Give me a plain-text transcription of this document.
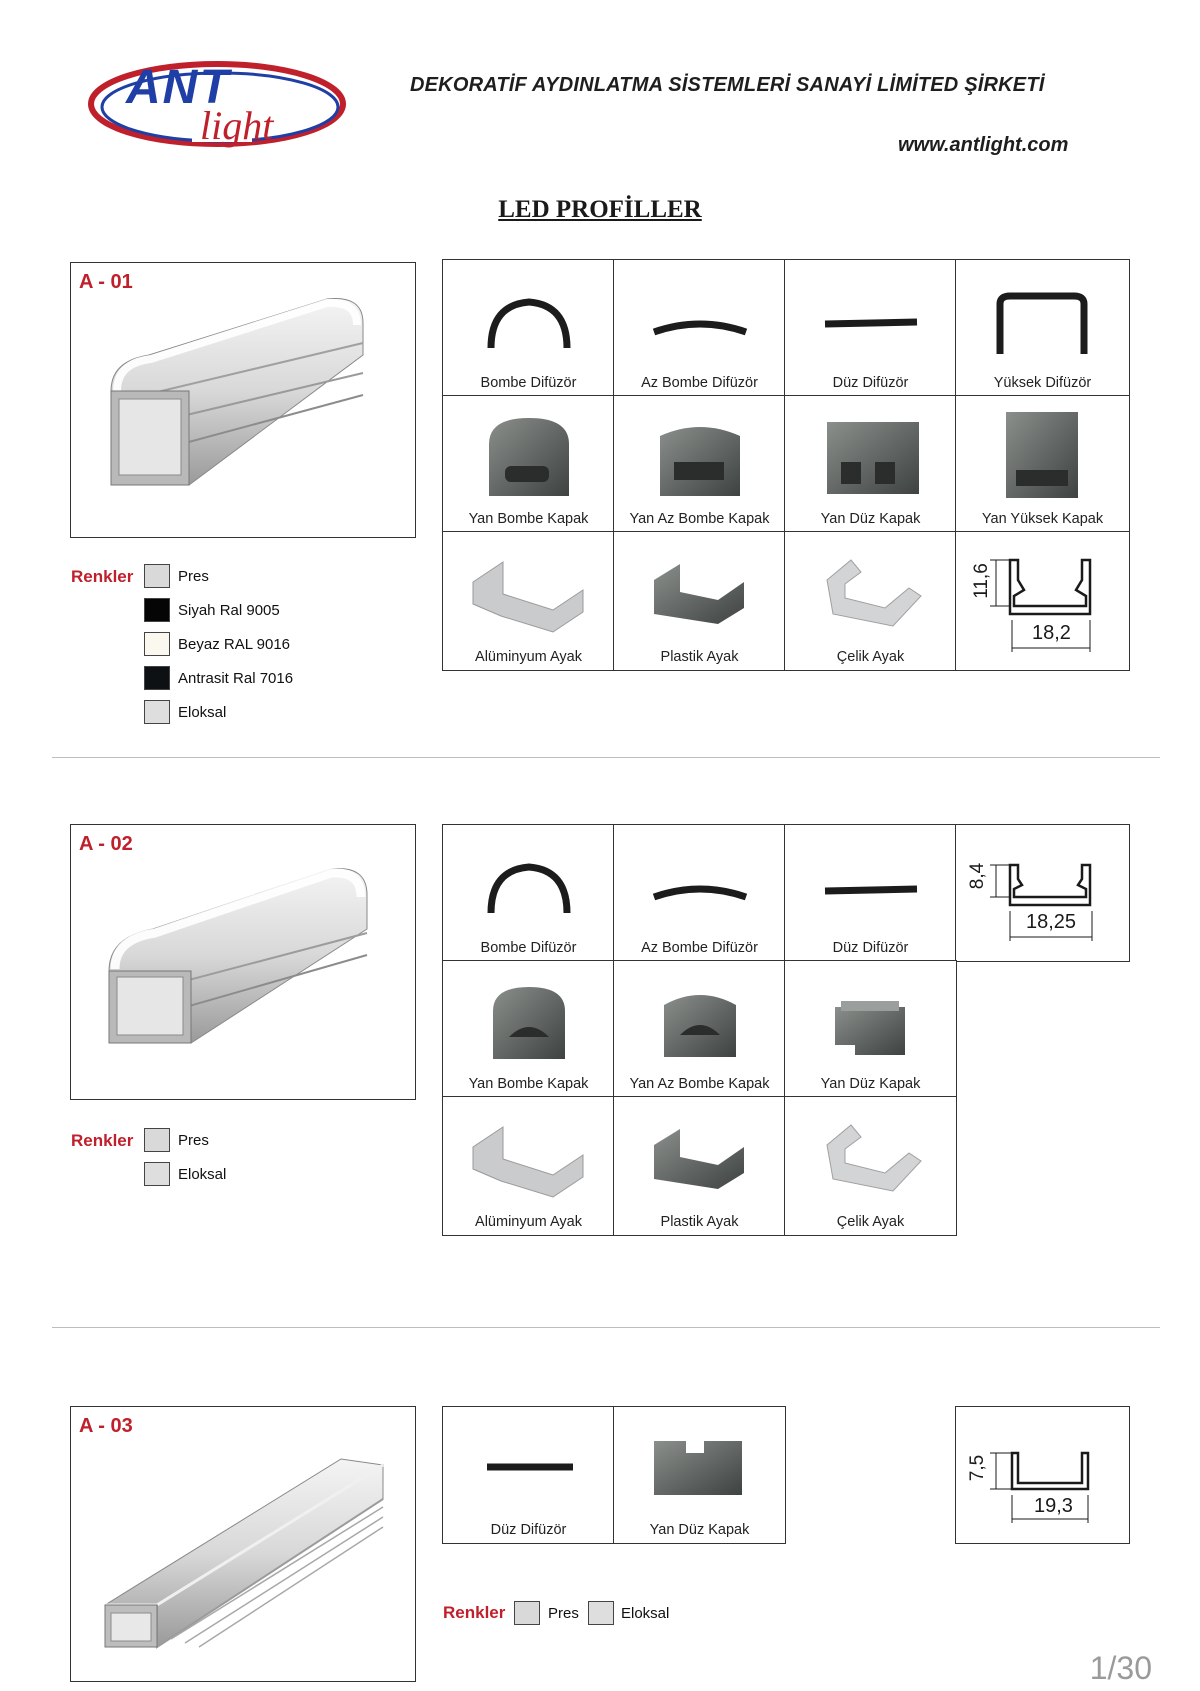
ANT
light
DEKORATİF AYDINLATMA SİSTEMLERİ SANAYİ LİMİTED ŞİRKETİ
www.antlight.com
LED PROFİLLER
A - 01
Bombe Difüzör	Az Bombe Difüzör	Düz Difüzör	Yüksek Difüzör
Yan Bombe Kapak	Yan Az Bombe Kapak	Yan Düz Kapak	Yan Yüksek Kapak
Alüminyum Ayak	Plastik Ayak	Çelik Ayak
11,6
18,2
Renkler	Pres
Siyah Ral 9005
Beyaz RAL 9016
Antrasit Ral 7016
Eloksal
A - 02
Bombe Difüzör	Az Bombe Difüzör	Düz Difüzör
8,4
18,25
Yan Bombe Kapak	Yan Az Bombe Kapak	Yan Düz Kapak
Alüminyum Ayak	Plastik Ayak	Çelik Ayak
Renkler	Pres
Eloksal
A - 03
Düz Difüzör	Yan Düz Kapak
7,5
19,3
Renkler	Pres	Eloksal
1/30
